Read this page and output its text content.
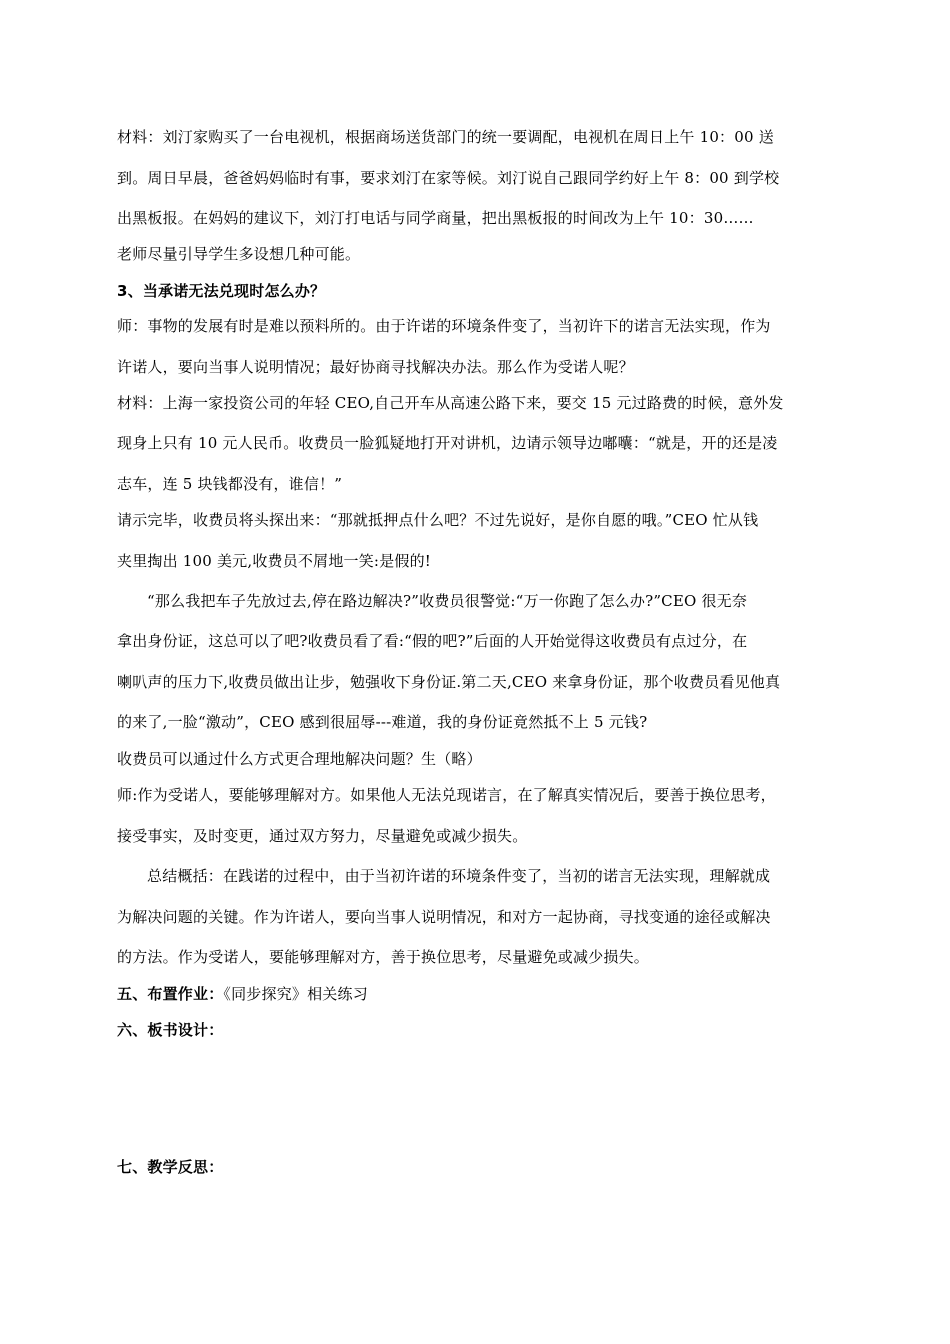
材料：刘汀家购买了一台电视机，根据商场送货部门的统一要调配，电视机在周日上午 10：00 送
到。周日早晨，爸爸妈妈临时有事，要求刘汀在家等候。刘汀说自己跟同学约好上午 8：00 到学校
出黑板报。在妈妈的建议下，刘汀打电话与同学商量，把出黑板报的时间改为上午 10：30……
老师尽量引导学生多设想几种可能。
3、当承诺无法兑现时怎么办？
师：事物的发展有时是难以预料所的。由于许诺的环境条件变了，当初许下的诺言无法实现，作为
许诺人，要向当事人说明情况；最好协商寻找解决办法。那么作为受诺人呢？
材料：上海一家投资公司的年轻 CEO,自己开车从高速公路下来，要交 15 元过路费的时候，意外发
现身上只有 10 元人民币。收费员一脸狐疑地打开对讲机，边请示领导边嘟囔：“就是，开的还是凌
志车，连 5 块钱都没有，谁信！”
请示完毕，收费员将头探出来：“那就抵押点什么吧？不过先说好，是你自愿的哦。”CEO 忙从钱
夹里掏出 100 美元,收费员不屑地一笑:是假的!
“那么我把车子先放过去,停在路边解决?”收费员很警觉:“万一你跑了怎么办?”CEO 很无奈
拿出身份证，这总可以了吧?收费员看了看:“假的吧?”后面的人开始觉得这收费员有点过分，在
喇叭声的压力下,收费员做出让步，勉强收下身份证.第二天,CEO 来拿身份证，那个收费员看见他真
的来了,一脸“激动”，CEO 感到很屈辱---难道，我的身份证竟然抵不上 5 元钱?
收费员可以通过什么方式更合理地解决问题？生（略）
师:作为受诺人，要能够理解对方。如果他人无法兑现诺言，在了解真实情况后，要善于换位思考，
接受事实，及时变更，通过双方努力，尽量避免或减少损失。
总结概括：在践诺的过程中，由于当初许诺的环境条件变了，当初的诺言无法实现，理解就成
为解决问题的关键。作为许诺人，要向当事人说明情况，和对方一起协商，寻找变通的途径或解决
的方法。作为受诺人，要能够理解对方，善于换位思考，尽量避免或减少损失。
五、布置作业：《同步探究》相关练习
六、板书设计：
七、教学反思：
